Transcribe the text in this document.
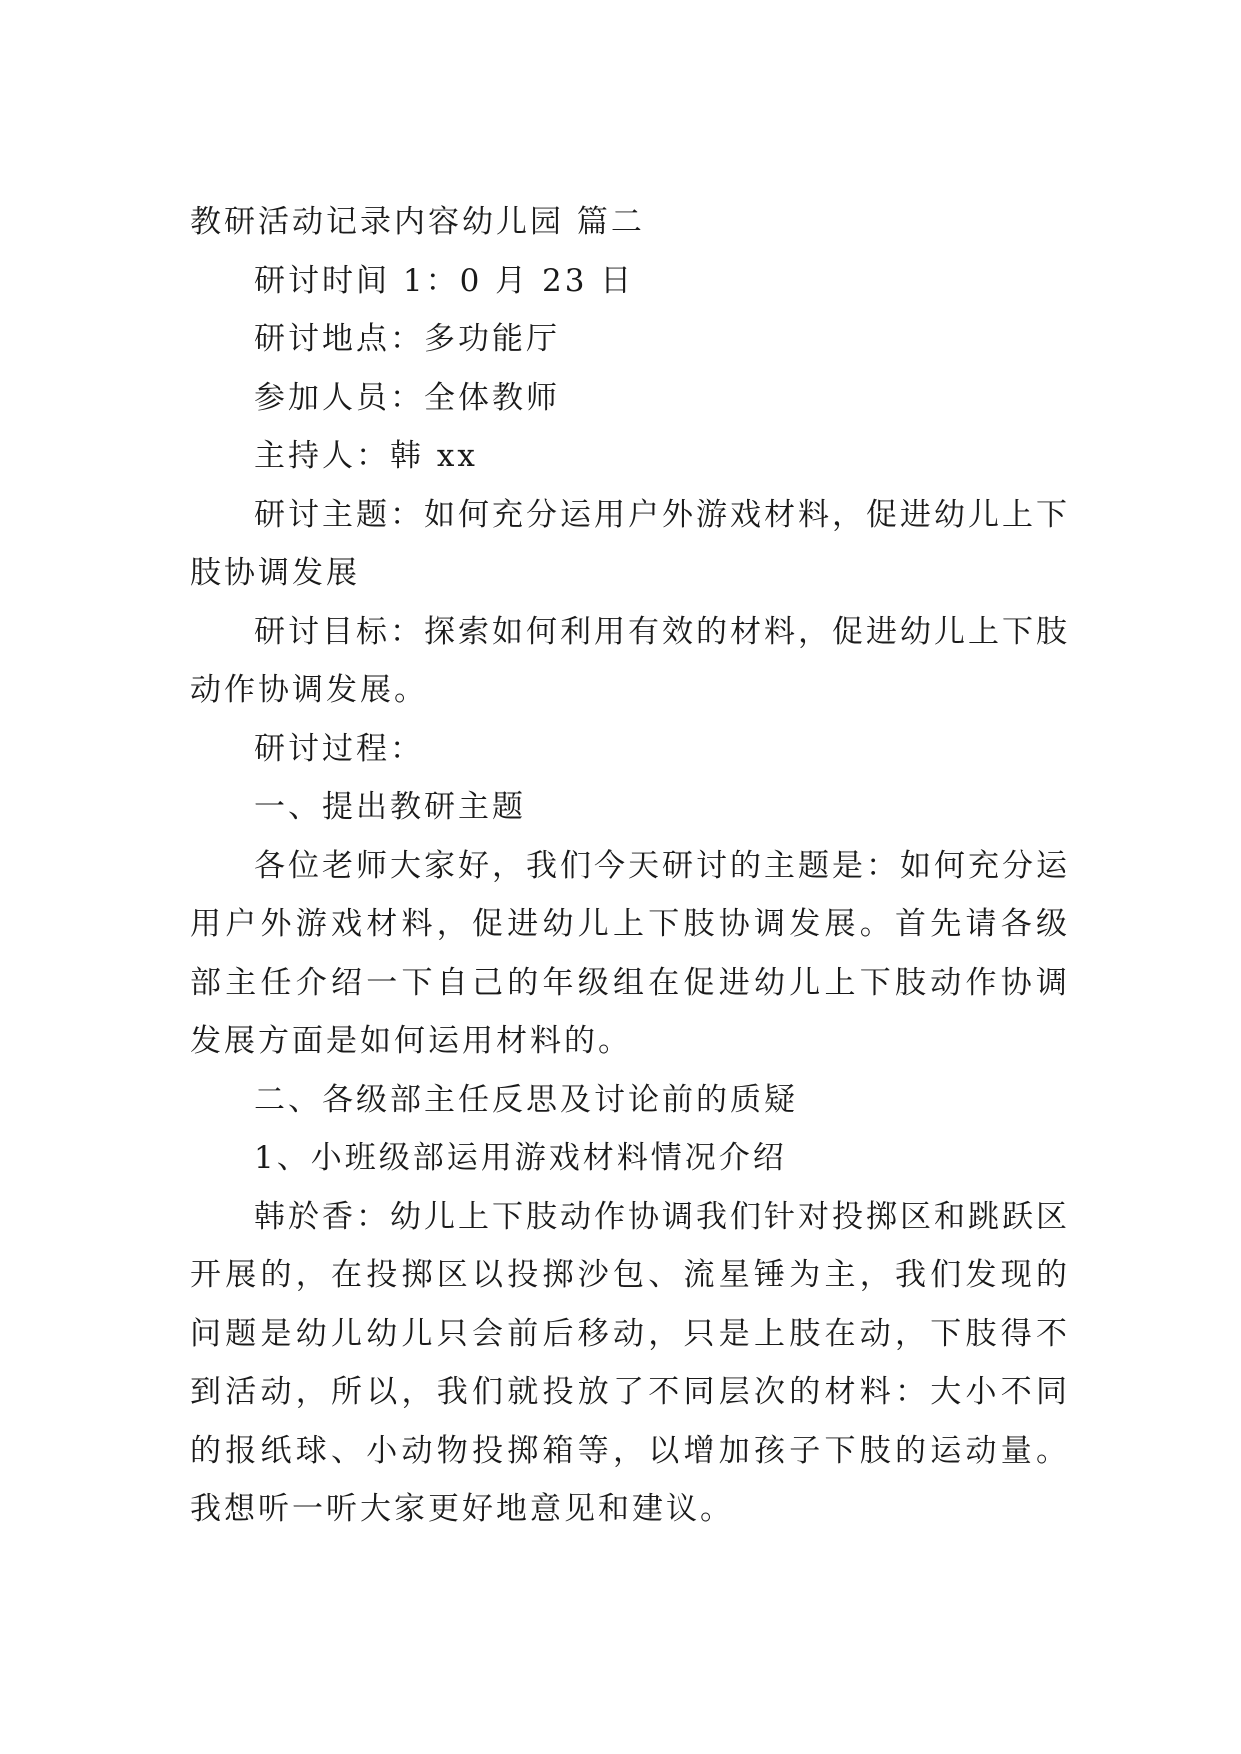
教研活动记录内容幼儿园 篇二

研讨时间 1：0 月 23 日

研讨地点：多功能厅

参加人员：全体教师

主持人：韩 xx

研讨主题：如何充分运用户外游戏材料，促进幼儿上下肢协调发展

研讨目标：探索如何利用有效的材料，促进幼儿上下肢动作协调发展。

研讨过程：

一、提出教研主题

各位老师大家好，我们今天研讨的主题是：如何充分运用户外游戏材料，促进幼儿上下肢协调发展。首先请各级部主任介绍一下自己的年级组在促进幼儿上下肢动作协调发展方面是如何运用材料的。

二、各级部主任反思及讨论前的质疑

1、小班级部运用游戏材料情况介绍

韩於香：幼儿上下肢动作协调我们针对投掷区和跳跃区开展的，在投掷区以投掷沙包、流星锤为主，我们发现的问题是幼儿幼儿只会前后移动，只是上肢在动，下肢得不到活动，所以，我们就投放了不同层次的材料：大小不同的报纸球、小动物投掷箱等，以增加孩子下肢的运动量。我想听一听大家更好地意见和建议。
